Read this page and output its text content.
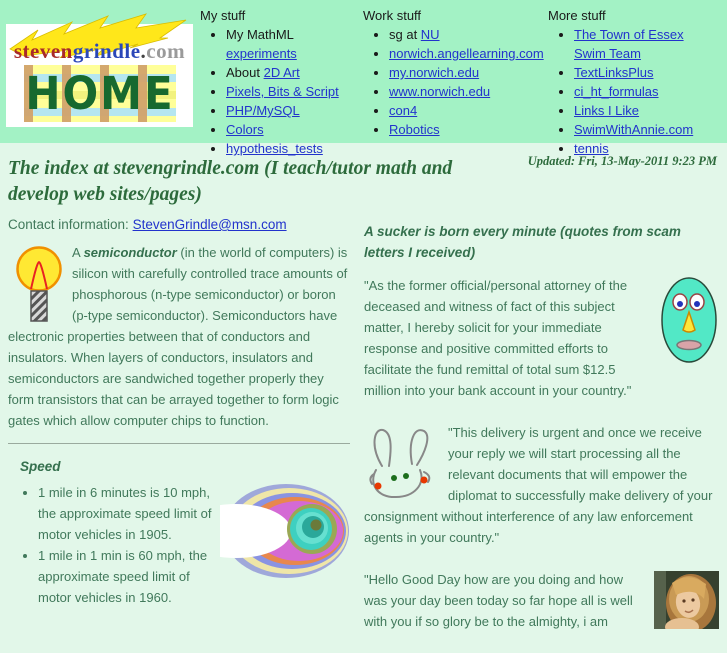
stevengrindle.com
HOME
My stuff
• My MathML experiments
• About 2D Art
• Pixels, Bits & Script
• PHP/MySQL
• Colors
• hypothesis_tests
Work stuff
• sg at NU
• norwich.angellearning.com
• my.norwich.edu
• www.norwich.edu
• con4
• Robotics
More stuff
• The Town of Essex Swim Team
• TextLinksPlus
• ci_ht_formulas
• Links I Like
• SwimWithAnnie.com
• tennis
The index at stevengrindle.com (I teach/tutor math and develop web sites/pages)
Updated: Fri, 13-May-2011 9:23 PM
Contact information: StevenGrindle@msn.com

A semiconductor (in the world of computers) is silicon with carefully controlled trace amounts of phosphorous (n-type semiconductor) or boron (p-type semiconductor). Semiconductors have electronic properties between that of conductors and insulators. When layers of conductors, insulators and semiconductors are sandwiched together properly they form transistors that can be arrayed together to form logic gates which allow computer chips to function.

Speed
• 1 mile in 6 minutes is 10 mph, the approximate speed limit of motor vehicles in 1905.
• 1 mile in 1 min is 60 mph, the approximate speed limit of motor vehicles in 1960.
A sucker is born every minute (quotes from scam letters I received)

"As the former official/personal attorney of the deceased and witness of fact of this subject matter, I hereby solicit for your immediate response and positive committed efforts to facilitate the fund remittal of total sum $12.5 million into your bank account in your country."

"This delivery is urgent and once we receive your reply we will start processing all the relevant documents that will empower the diplomat to successfully make delivery of your consignment without interference of any law enforcement agents in your country."

"Hello Good Day how are you doing and how was your day been today so far hope all is well with you if so glory be to the almighty, i am
